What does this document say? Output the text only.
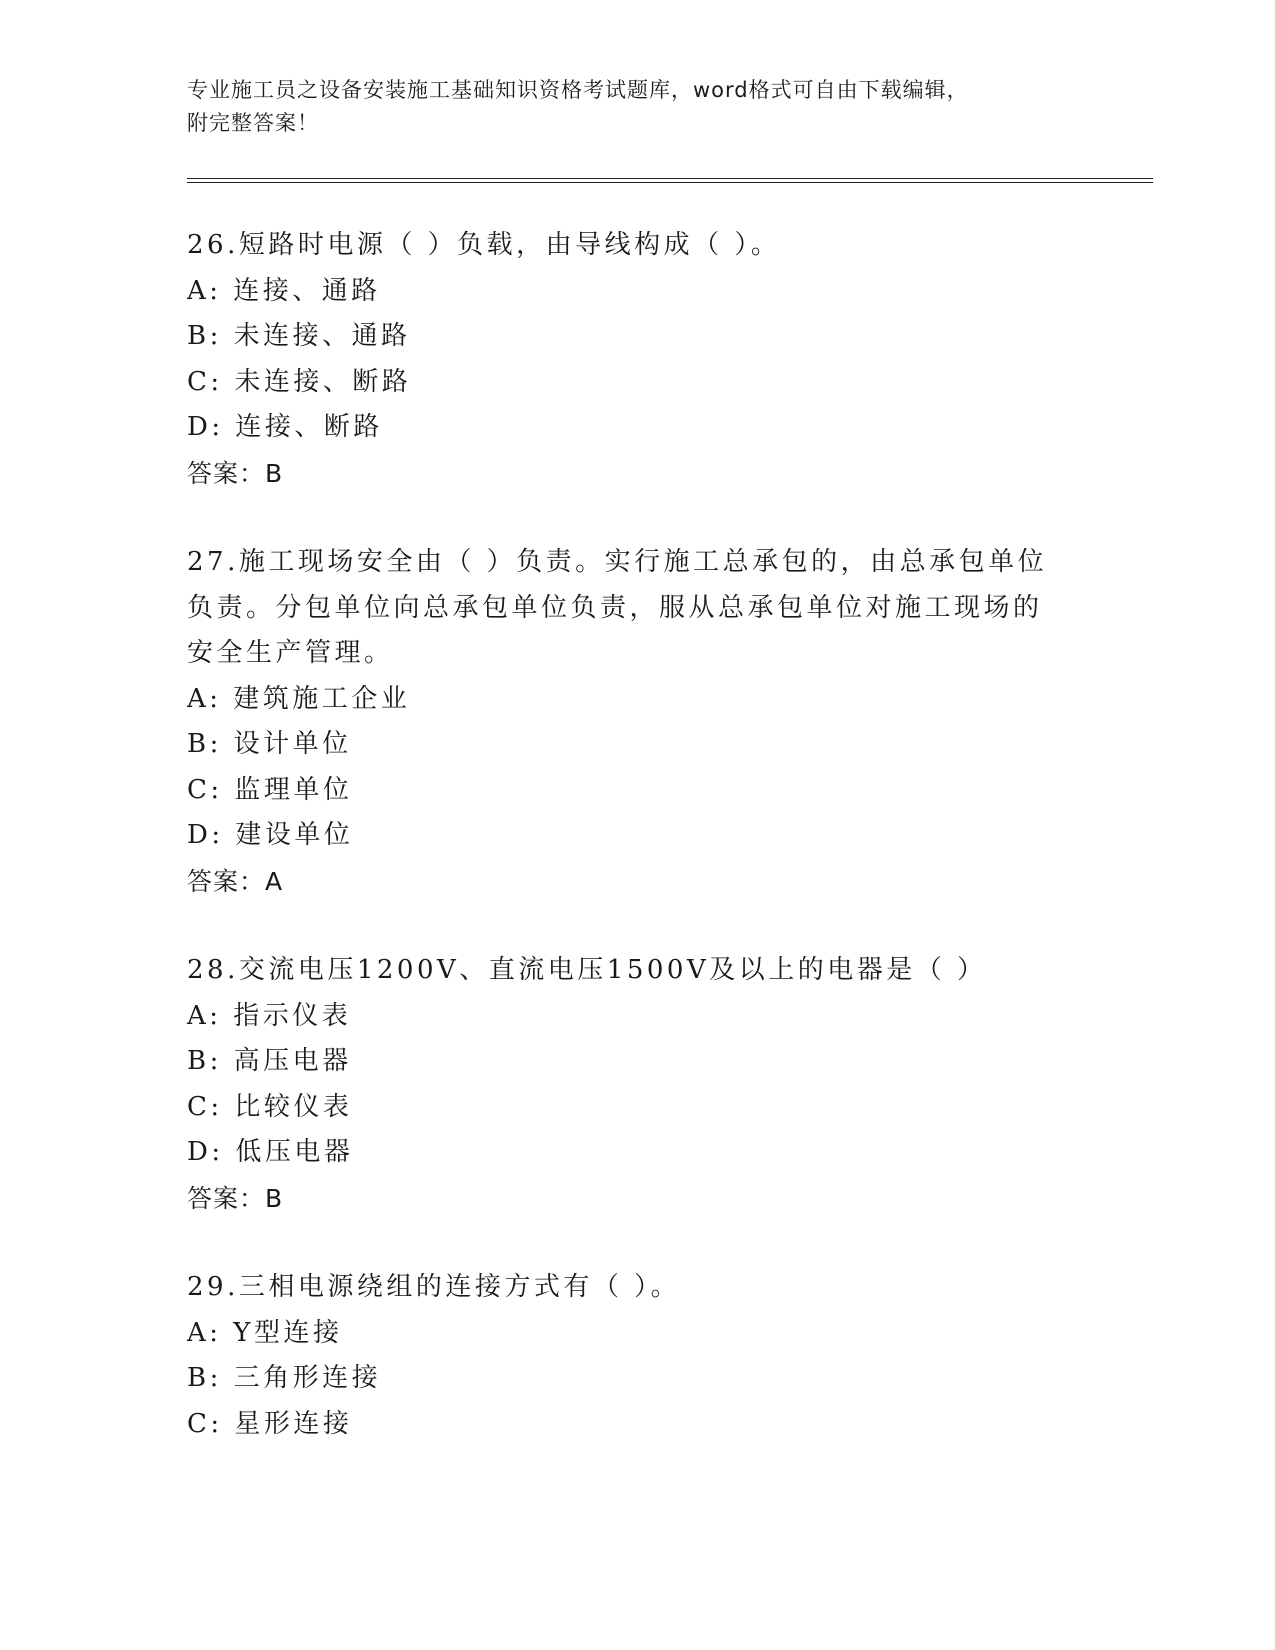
专业施工员之设备安装施工基础知识资格考试题库，word格式可自由下载编辑，
附完整答案！
26.短路时电源（ ）负载，由导线构成（ ）。
A: 连接、通路
B: 未连接、通路
C: 未连接、断路
D: 连接、断路
答案：B
27.施工现场安全由（ ）负责。实行施工总承包的，由总承包单位负责。分包单位向总承包单位负责，服从总承包单位对施工现场的安全生产管理。
A: 建筑施工企业
B: 设计单位
C: 监理单位
D: 建设单位
答案：A
28.交流电压1200V、直流电压1500V及以上的电器是（ ）
A: 指示仪表
B: 高压电器
C: 比较仪表
D: 低压电器
答案：B
29.三相电源绕组的连接方式有（ ）。
A: Y型连接
B: 三角形连接
C: 星形连接
